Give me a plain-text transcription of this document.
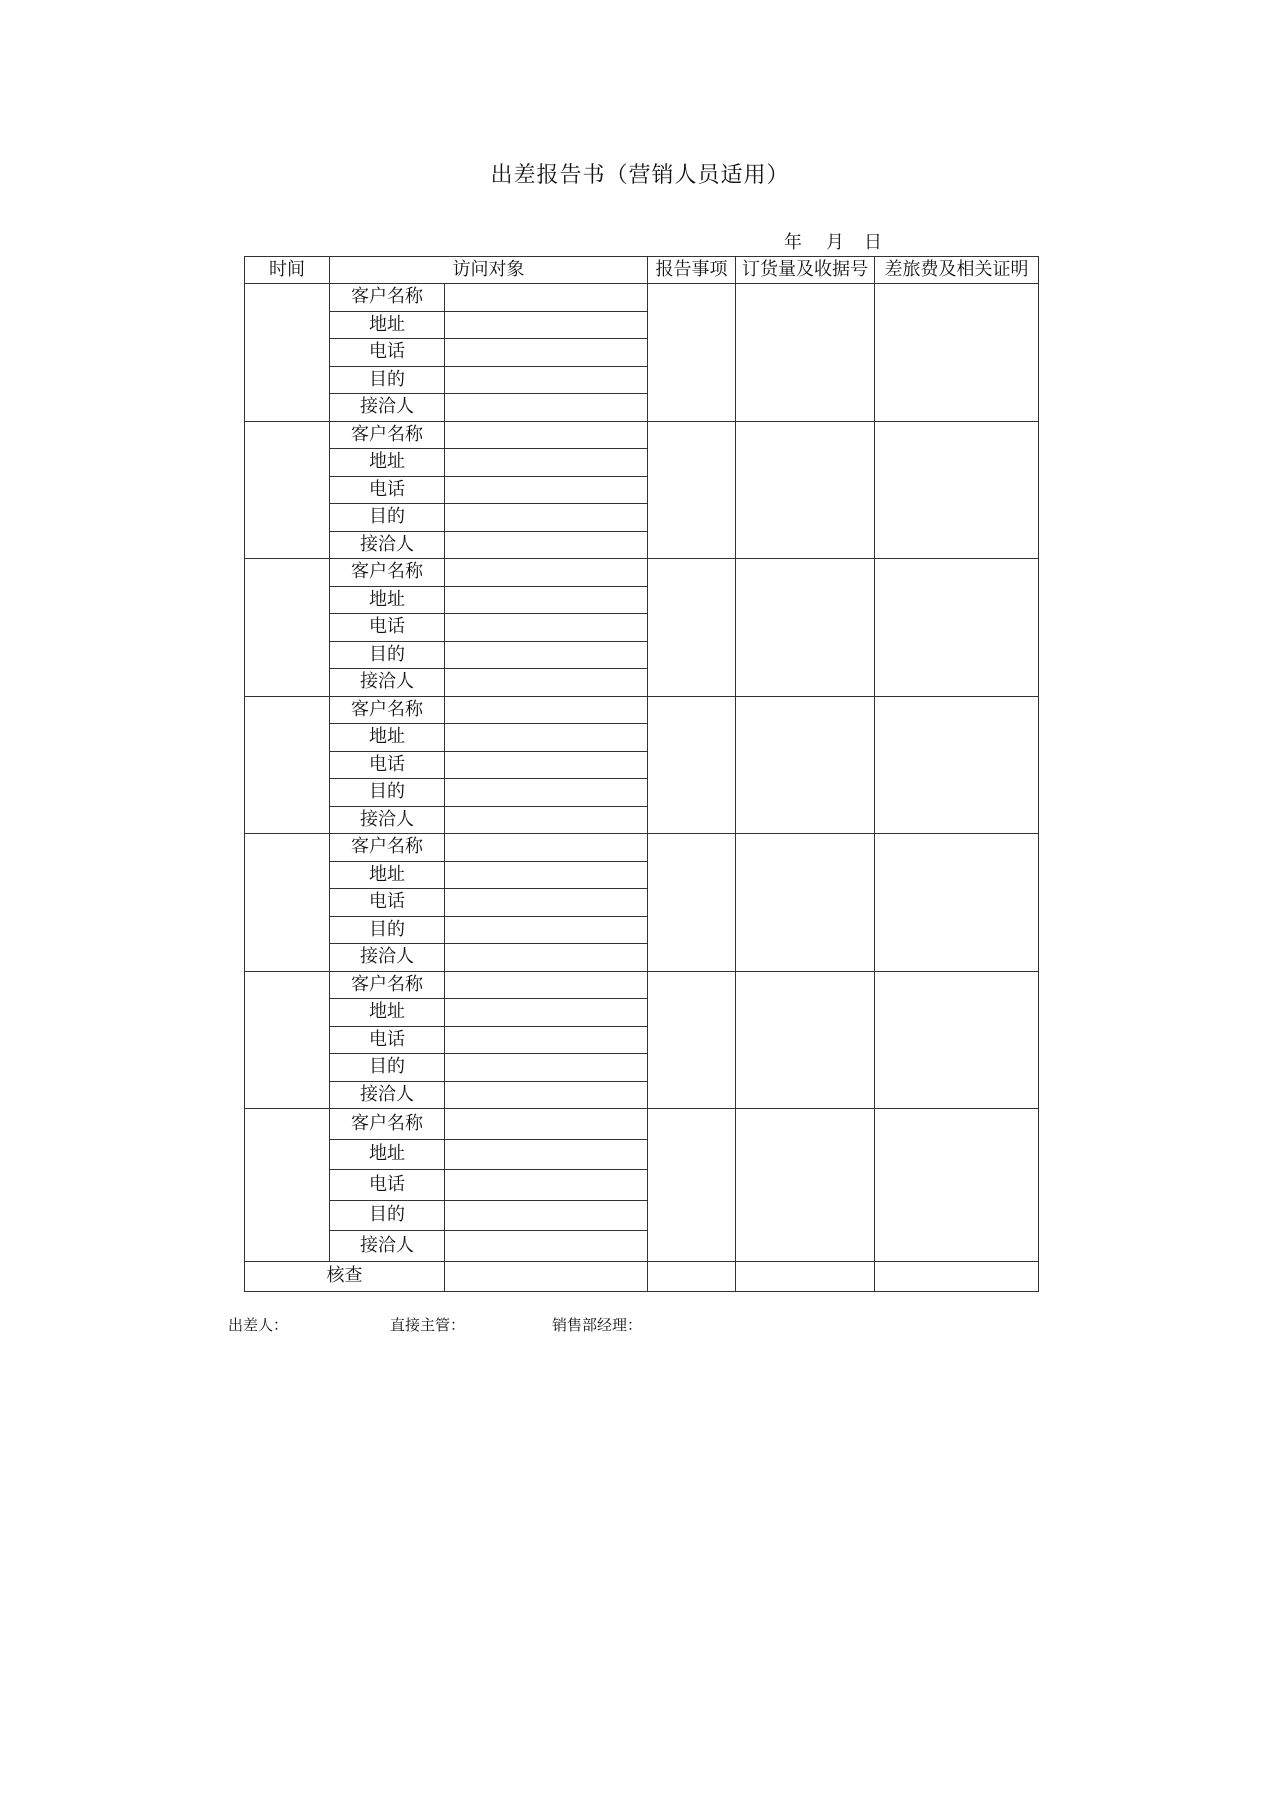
出差报告书（营销人员适用）
年 月 日
时间	访问对象		报告事项	订货量及收据号	差旅费及相关证明
	客户名称				
	地址				
	电话				
	目的				
	接洽人				
	客户名称				
	地址				
	电话				
	目的				
	接洽人				
	客户名称				
	地址				
	电话				
	目的				
	接洽人				
	客户名称				
	地址				
	电话				
	目的				
	接洽人				
	客户名称				
	地址				
	电话				
	目的				
	接洽人				
	客户名称				
	地址				
	电话				
	目的				
	接洽人				
	客户名称				
	地址				
	电话				
	目的				
	接洽人				
核查					
出差人：	直接主管：	销售部经理：
